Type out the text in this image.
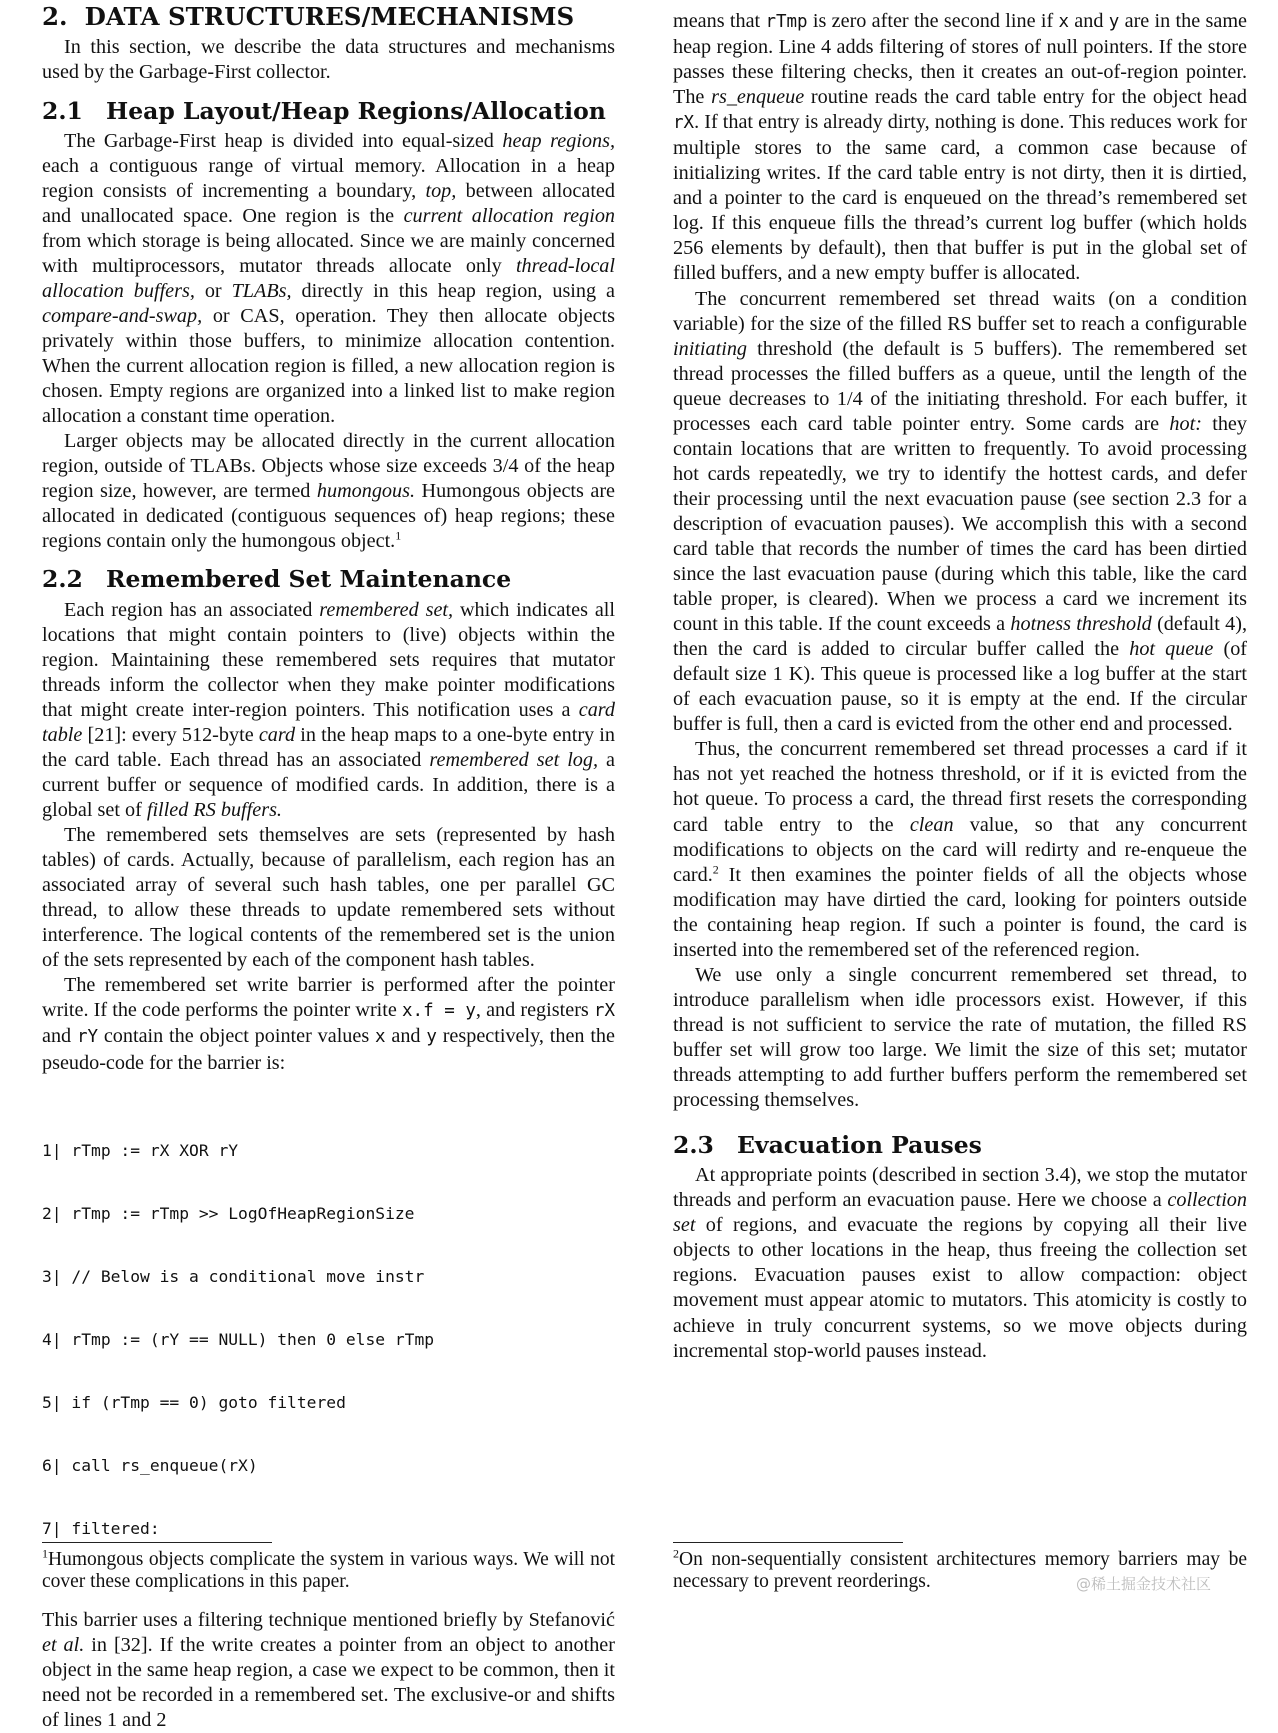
2. DATA STRUCTURES/MECHANISMS

In this section, we describe the data structures and mechanisms used by the Garbage-First collector.

2.1 Heap Layout/Heap Regions/Allocation

The Garbage-First heap is divided into equal-sized heap regions, each a contiguous range of virtual memory. Allocation in a heap region consists of incrementing a boundary, top, between allocated and unallocated space. One region is the current allocation region from which storage is being allocated. Since we are mainly concerned with multiprocessors, mutator threads allocate only thread-local allocation buffers, or TLABs, directly in this heap region, using a compare-and-swap, or CAS, operation. They then allocate objects privately within those buffers, to minimize allocation contention. When the current allocation region is filled, a new allocation region is chosen. Empty regions are organized into a linked list to make region allocation a constant time operation.

Larger objects may be allocated directly in the current allocation region, outside of TLABs. Objects whose size exceeds 3/4 of the heap region size, however, are termed humongous. Humongous objects are allocated in dedicated (contiguous sequences of) heap regions; these regions contain only the humongous object.$^1$

2.2 Remembered Set Maintenance

Each region has an associated remembered set, which indicates all locations that might contain pointers to (live) objects within the region. Maintaining these remembered sets requires that mutator threads inform the collector when they make pointer modifications that might create inter-region pointers. This notification uses a card table [21]: every 512-byte card in the heap maps to a one-byte entry in the card table. Each thread has an associated remembered set log, a current buffer or sequence of modified cards. In addition, there is a global set of filled RS buffers.

The remembered sets themselves are sets (represented by hash tables) of cards. Actually, because of parallelism, each region has an associated array of several such hash tables, one per parallel GC thread, to allow these threads to update remembered sets without interference. The logical contents of the remembered set is the union of the sets represented by each of the component hash tables.

The remembered set write barrier is performed after the pointer write. If the code performs the pointer write x.f = y, and registers rX and rY contain the object pointer values x and y respectively, then the pseudo-code for the barrier is:

1| rTmp := rX XOR rY

2| rTmp := rTmp >> LogOfHeapRegionSize

3| // Below is a conditional move instr

4| rTmp := (rY == NULL) then 0 else rTmp

5| if (rTmp == 0) goto filtered

6| call rs_enqueue(rX)

7| filtered:

This barrier uses a filtering technique mentioned briefly by Stefanović et al. in [32]. If the write creates a pointer from an object to another object in the same heap region, a case we expect to be common, then it need not be recorded in a remembered set. The exclusive-or and shifts of lines 1 and 2

$^1$Humongous objects complicate the system in various ways. We will not cover these complications in this paper.

means that rTmp is zero after the second line if x and y are in the same heap region. Line 4 adds filtering of stores of null pointers. If the store passes these filtering checks, then it creates an out-of-region pointer. The rs_enqueue routine reads the card table entry for the object head rX. If that entry is already dirty, nothing is done. This reduces work for multiple stores to the same card, a common case because of initializing writes. If the card table entry is not dirty, then it is dirtied, and a pointer to the card is enqueued on the thread’s remembered set log. If this enqueue fills the thread’s current log buffer (which holds 256 elements by default), then that buffer is put in the global set of filled buffers, and a new empty buffer is allocated.

The concurrent remembered set thread waits (on a condition variable) for the size of the filled RS buffer set to reach a configurable initiating threshold (the default is 5 buffers). The remembered set thread processes the filled buffers as a queue, until the length of the queue decreases to 1/4 of the initiating threshold. For each buffer, it processes each card table pointer entry. Some cards are hot: they contain locations that are written to frequently. To avoid processing hot cards repeatedly, we try to identify the hottest cards, and defer their processing until the next evacuation pause (see section 2.3 for a description of evacuation pauses). We accomplish this with a second card table that records the number of times the card has been dirtied since the last evacuation pause (during which this table, like the card table proper, is cleared). When we process a card we increment its count in this table. If the count exceeds a hotness threshold (default 4), then the card is added to circular buffer called the hot queue (of default size 1 K). This queue is processed like a log buffer at the start of each evacuation pause, so it is empty at the end. If the circular buffer is full, then a card is evicted from the other end and processed.

Thus, the concurrent remembered set thread processes a card if it has not yet reached the hotness threshold, or if it is evicted from the hot queue. To process a card, the thread first resets the corresponding card table entry to the clean value, so that any concurrent modifications to objects on the card will redirty and re-enqueue the card.$^2$ It then examines the pointer fields of all the objects whose modification may have dirtied the card, looking for pointers outside the containing heap region. If such a pointer is found, the card is inserted into the remembered set of the referenced region.

We use only a single concurrent remembered set thread, to introduce parallelism when idle processors exist. However, if this thread is not sufficient to service the rate of mutation, the filled RS buffer set will grow too large. We limit the size of this set; mutator threads attempting to add further buffers perform the remembered set processing themselves.

2.3 Evacuation Pauses

At appropriate points (described in section 3.4), we stop the mutator threads and perform an evacuation pause. Here we choose a collection set of regions, and evacuate the regions by copying all their live objects to other locations in the heap, thus freeing the collection set regions. Evacuation pauses exist to allow compaction: object movement must appear atomic to mutators. This atomicity is costly to achieve in truly concurrent systems, so we move objects during incremental stop-world pauses instead.

$^2$On non-sequentially consistent architectures memory barriers may be necessary to prevent reorderings.	@稀土掘金技术社区
